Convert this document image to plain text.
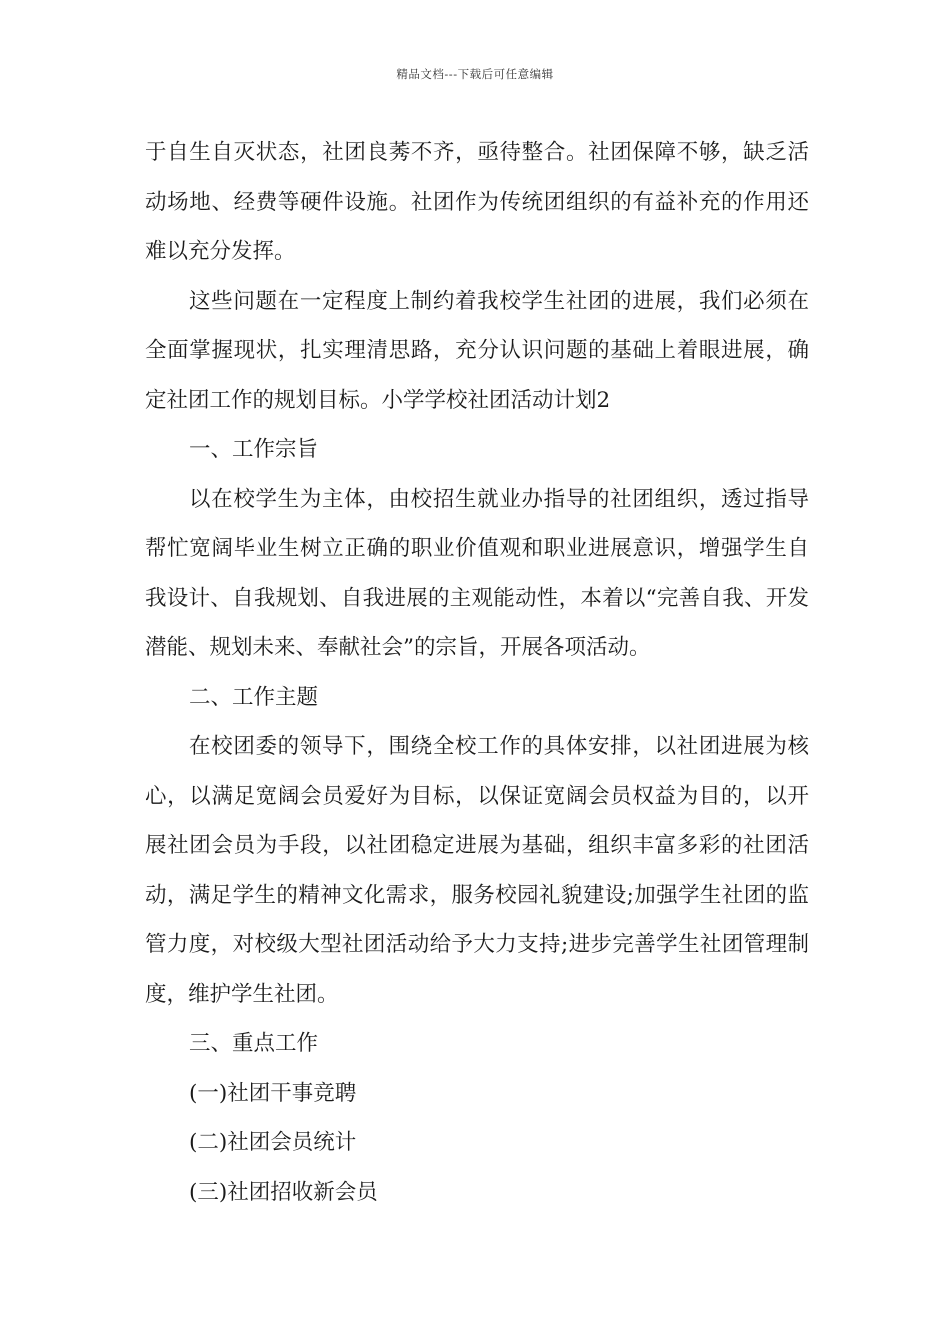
精品文档---下载后可任意编辑

于自生自灭状态，社团良莠不齐，亟待整合。社团保障不够，缺乏活动场地、经费等硬件设施。社团作为传统团组织的有益补充的作用还难以充分发挥。

这些问题在一定程度上制约着我校学生社团的进展，我们必须在全面掌握现状，扎实理清思路，充分认识问题的基础上着眼进展，确定社团工作的规划目标。小学学校社团活动计划2

一、工作宗旨

以在校学生为主体，由校招生就业办指导的社团组织，透过指导帮忙宽阔毕业生树立正确的职业价值观和职业进展意识，增强学生自我设计、自我规划、自我进展的主观能动性，本着以“完善自我、开发潜能、规划未来、奉献社会”的宗旨，开展各项活动。

二、工作主题

在校团委的领导下，围绕全校工作的具体安排，以社团进展为核心，以满足宽阔会员爱好为目标，以保证宽阔会员权益为目的，以开展社团会员为手段，以社团稳定进展为基础，组织丰富多彩的社团活动，满足学生的精神文化需求，服务校园礼貌建设;加强学生社团的监管力度，对校级大型社团活动给予大力支持;进步完善学生社团管理制度，维护学生社团。

三、重点工作

(一)社团干事竞聘

(二)社团会员统计

(三)社团招收新会员
